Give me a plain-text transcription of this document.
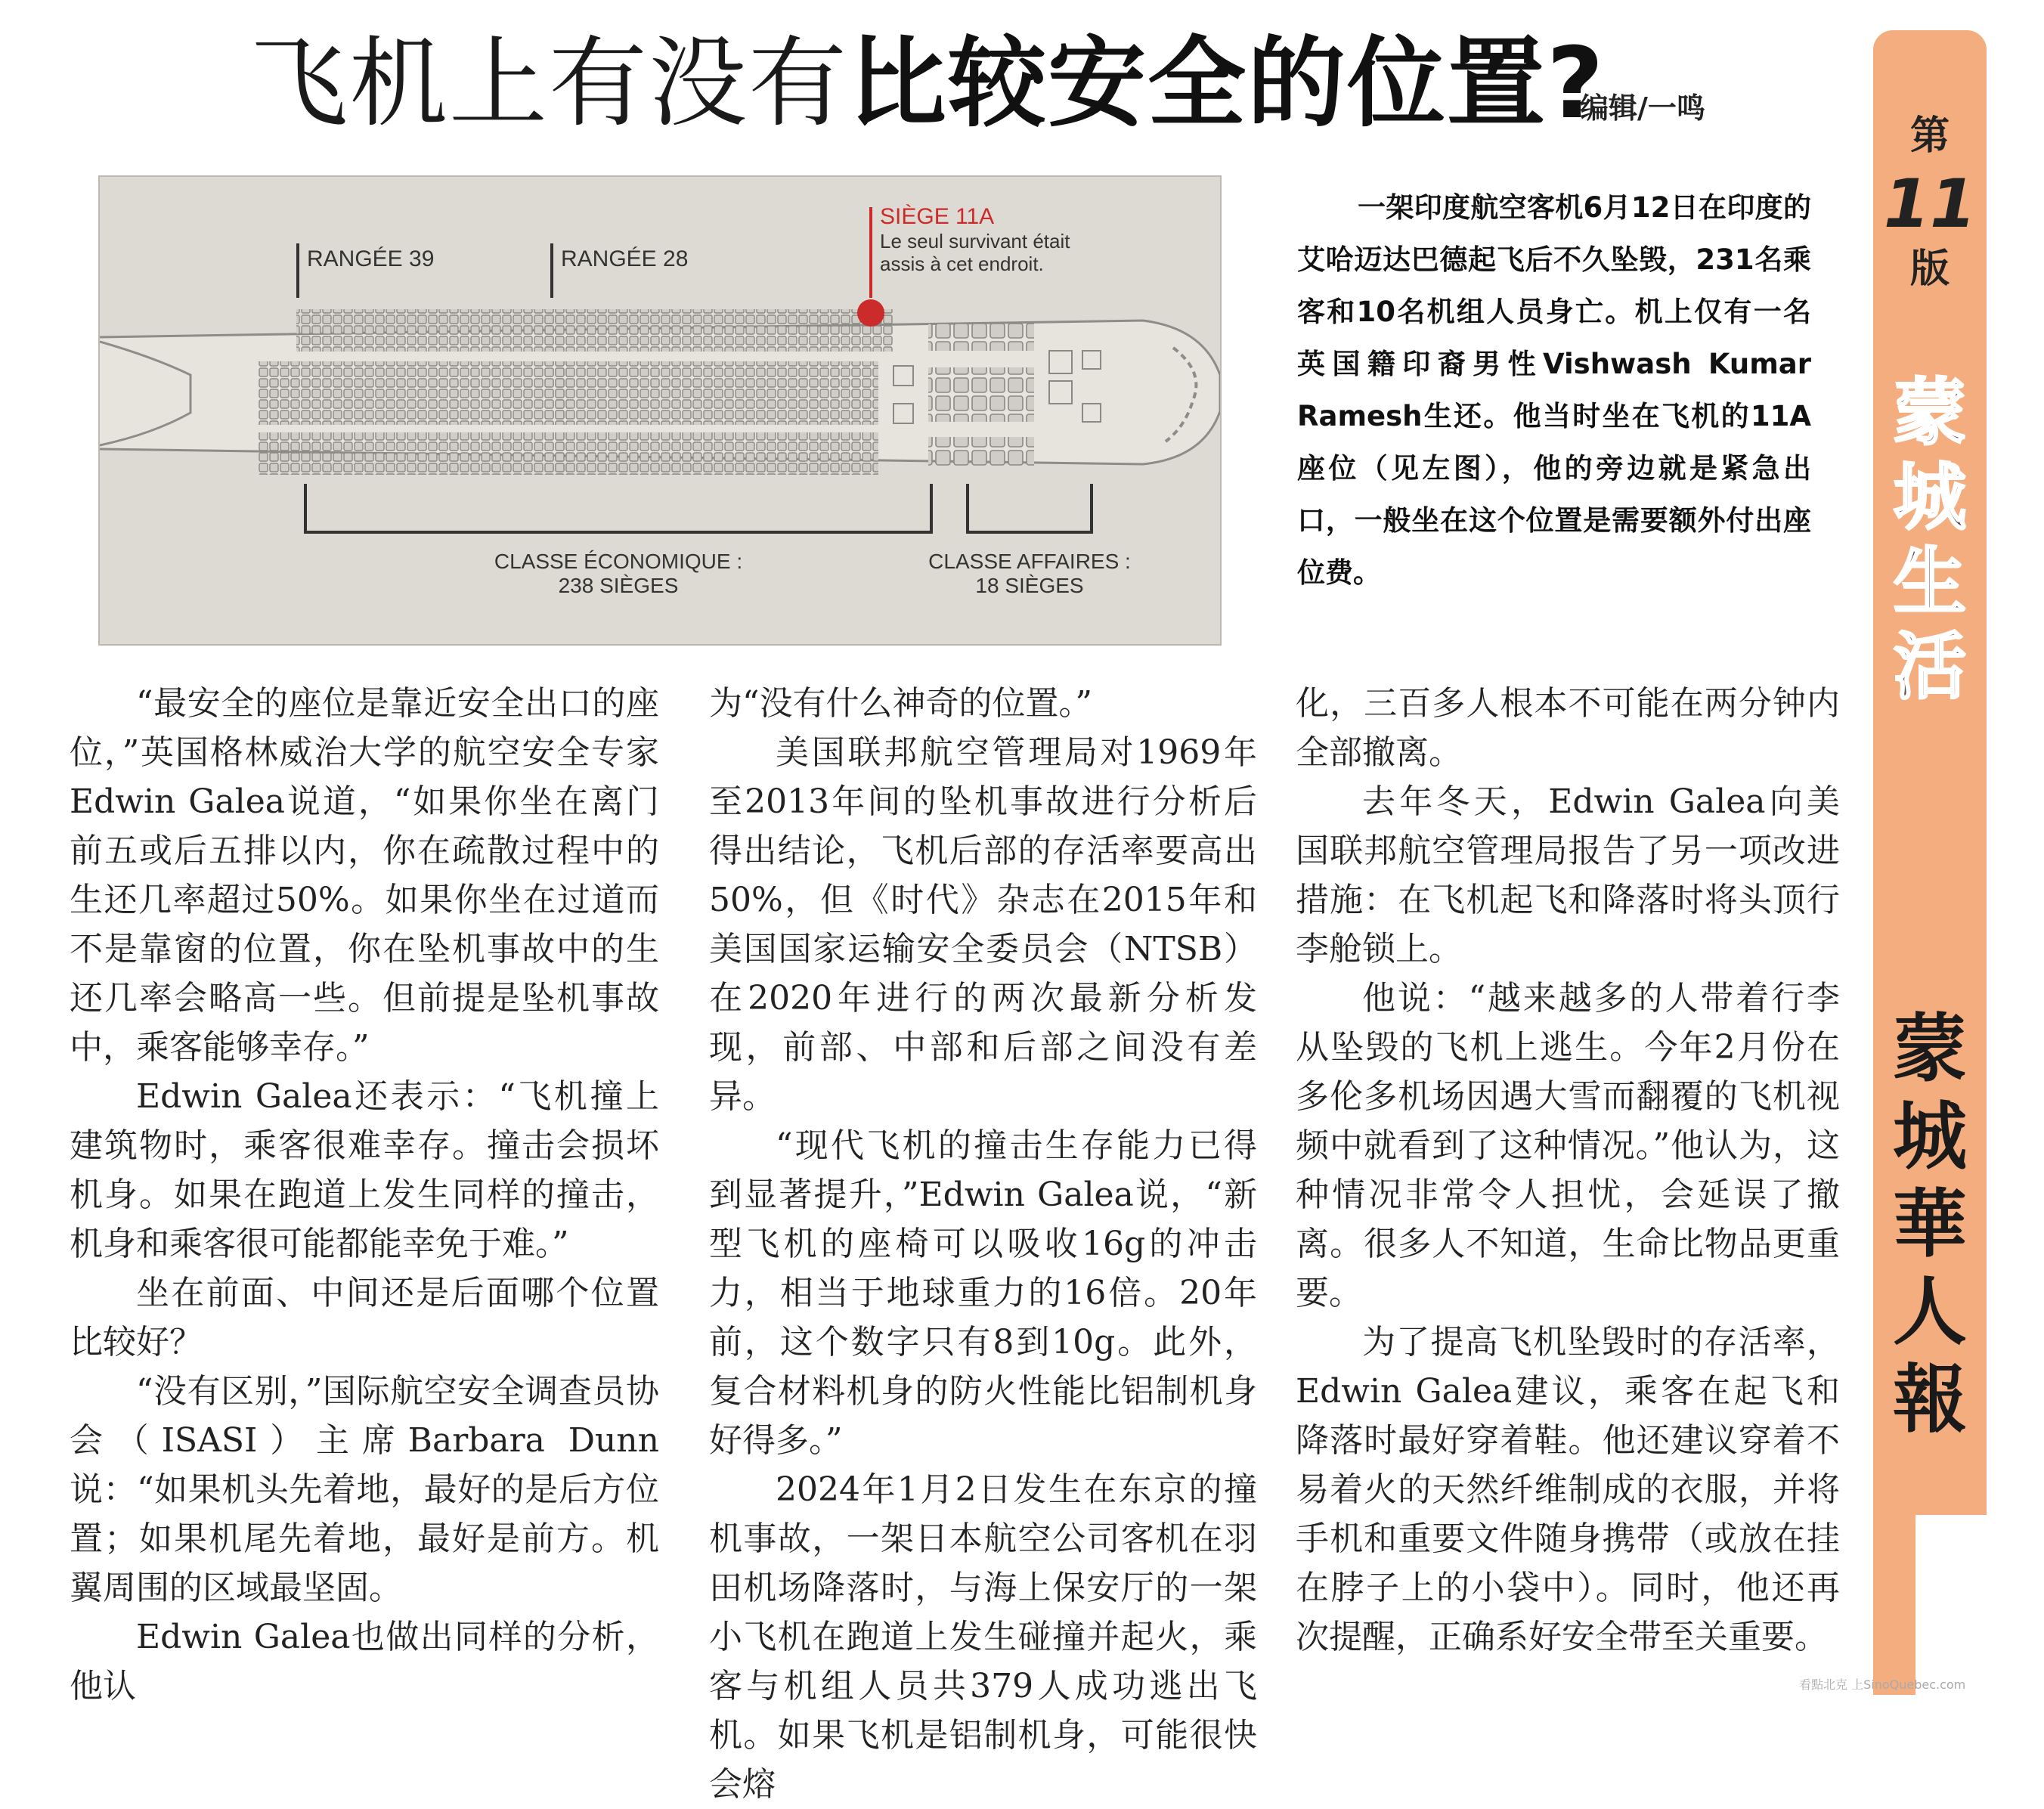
飞机上有没有比较安全的位置?
编辑/一鸣
RANGÉE 39	RANGÉE 28
SIÈGE 11A
Le seul survivant était
assis à cet endroit.
CLASSE ÉCONOMIQUE :
238 SIÈGES
CLASSE AFFAIRES :
18 SIÈGES

一架印度航空客机6月12日在印度的艾哈迈达巴德起飞后不久坠毁，231名乘客和10名机组人员身亡。机上仅有一名英国籍印裔男性Vishwash Kumar Ramesh生还。他当时坐在飞机的11A座位（见左图），他的旁边就是紧急出口，一般坐在这个位置是需要额外付出座位费。

“最安全的座位是靠近安全出口的座位，”英国格林威治大学的航空安全专家Edwin Galea说道，“如果你坐在离门前五或后五排以内，你在疏散过程中的生还几率超过50%。如果你坐在过道而不是靠窗的位置，你在坠机事故中的生还几率会略高一些。但前提是坠机事故中，乘客能够幸存。”

Edwin Galea还表示：“飞机撞上建筑物时，乘客很难幸存。撞击会损坏机身。如果在跑道上发生同样的撞击，机身和乘客很可能都能幸免于难。”

坐在前面、中间还是后面哪个位置比较好？

“没有区别，”国际航空安全调查员协会（ISASI）主席Barbara Dunn说：“如果机头先着地，最好的是后方位置；如果机尾先着地，最好是前方。机翼周围的区域最坚固。

Edwin Galea也做出同样的分析，他认

为“没有什么神奇的位置。”

美国联邦航空管理局对1969年至2013年间的坠机事故进行分析后得出结论，飞机后部的存活率要高出50%，但《时代》杂志在2015年和美国国家运输安全委员会（NTSB）在2020年进行的两次最新分析发现，前部、中部和后部之间没有差异。

“现代飞机的撞击生存能力已得到显著提升，”Edwin Galea说，“新型飞机的座椅可以吸收16g的冲击力，相当于地球重力的16倍。20年前，这个数字只有8到10g。此外，复合材料机身的防火性能比铝制机身好得多。”

2024年1月2日发生在东京的撞机事故，一架日本航空公司客机在羽田机场降落时，与海上保安厅的一架小飞机在跑道上发生碰撞并起火，乘客与机组人员共379人成功逃出飞机。如果飞机是铝制机身，可能很快会熔

化，三百多人根本不可能在两分钟内全部撤离。

去年冬天，Edwin Galea向美国联邦航空管理局报告了另一项改进措施：在飞机起飞和降落时将头顶行李舱锁上。

他说：“越来越多的人带着行李从坠毁的飞机上逃生。今年2月份在多伦多机场因遇大雪而翻覆的飞机视频中就看到了这种情况。”他认为，这种情况非常令人担忧，会延误了撤离。很多人不知道，生命比物品更重要。

为了提高飞机坠毁时的存活率，Edwin Galea建议，乘客在起飞和降落时最好穿着鞋。他还建议穿着不易着火的天然纤维制成的衣服，并将手机和重要文件随身携带（或放在挂在脖子上的小袋中）。同时，他还再次提醒，正确系好安全带至关重要。

第
11
版
蒙
城
生
活
蒙
城
華
人
報
看點北克 上SinoQuebec.com
